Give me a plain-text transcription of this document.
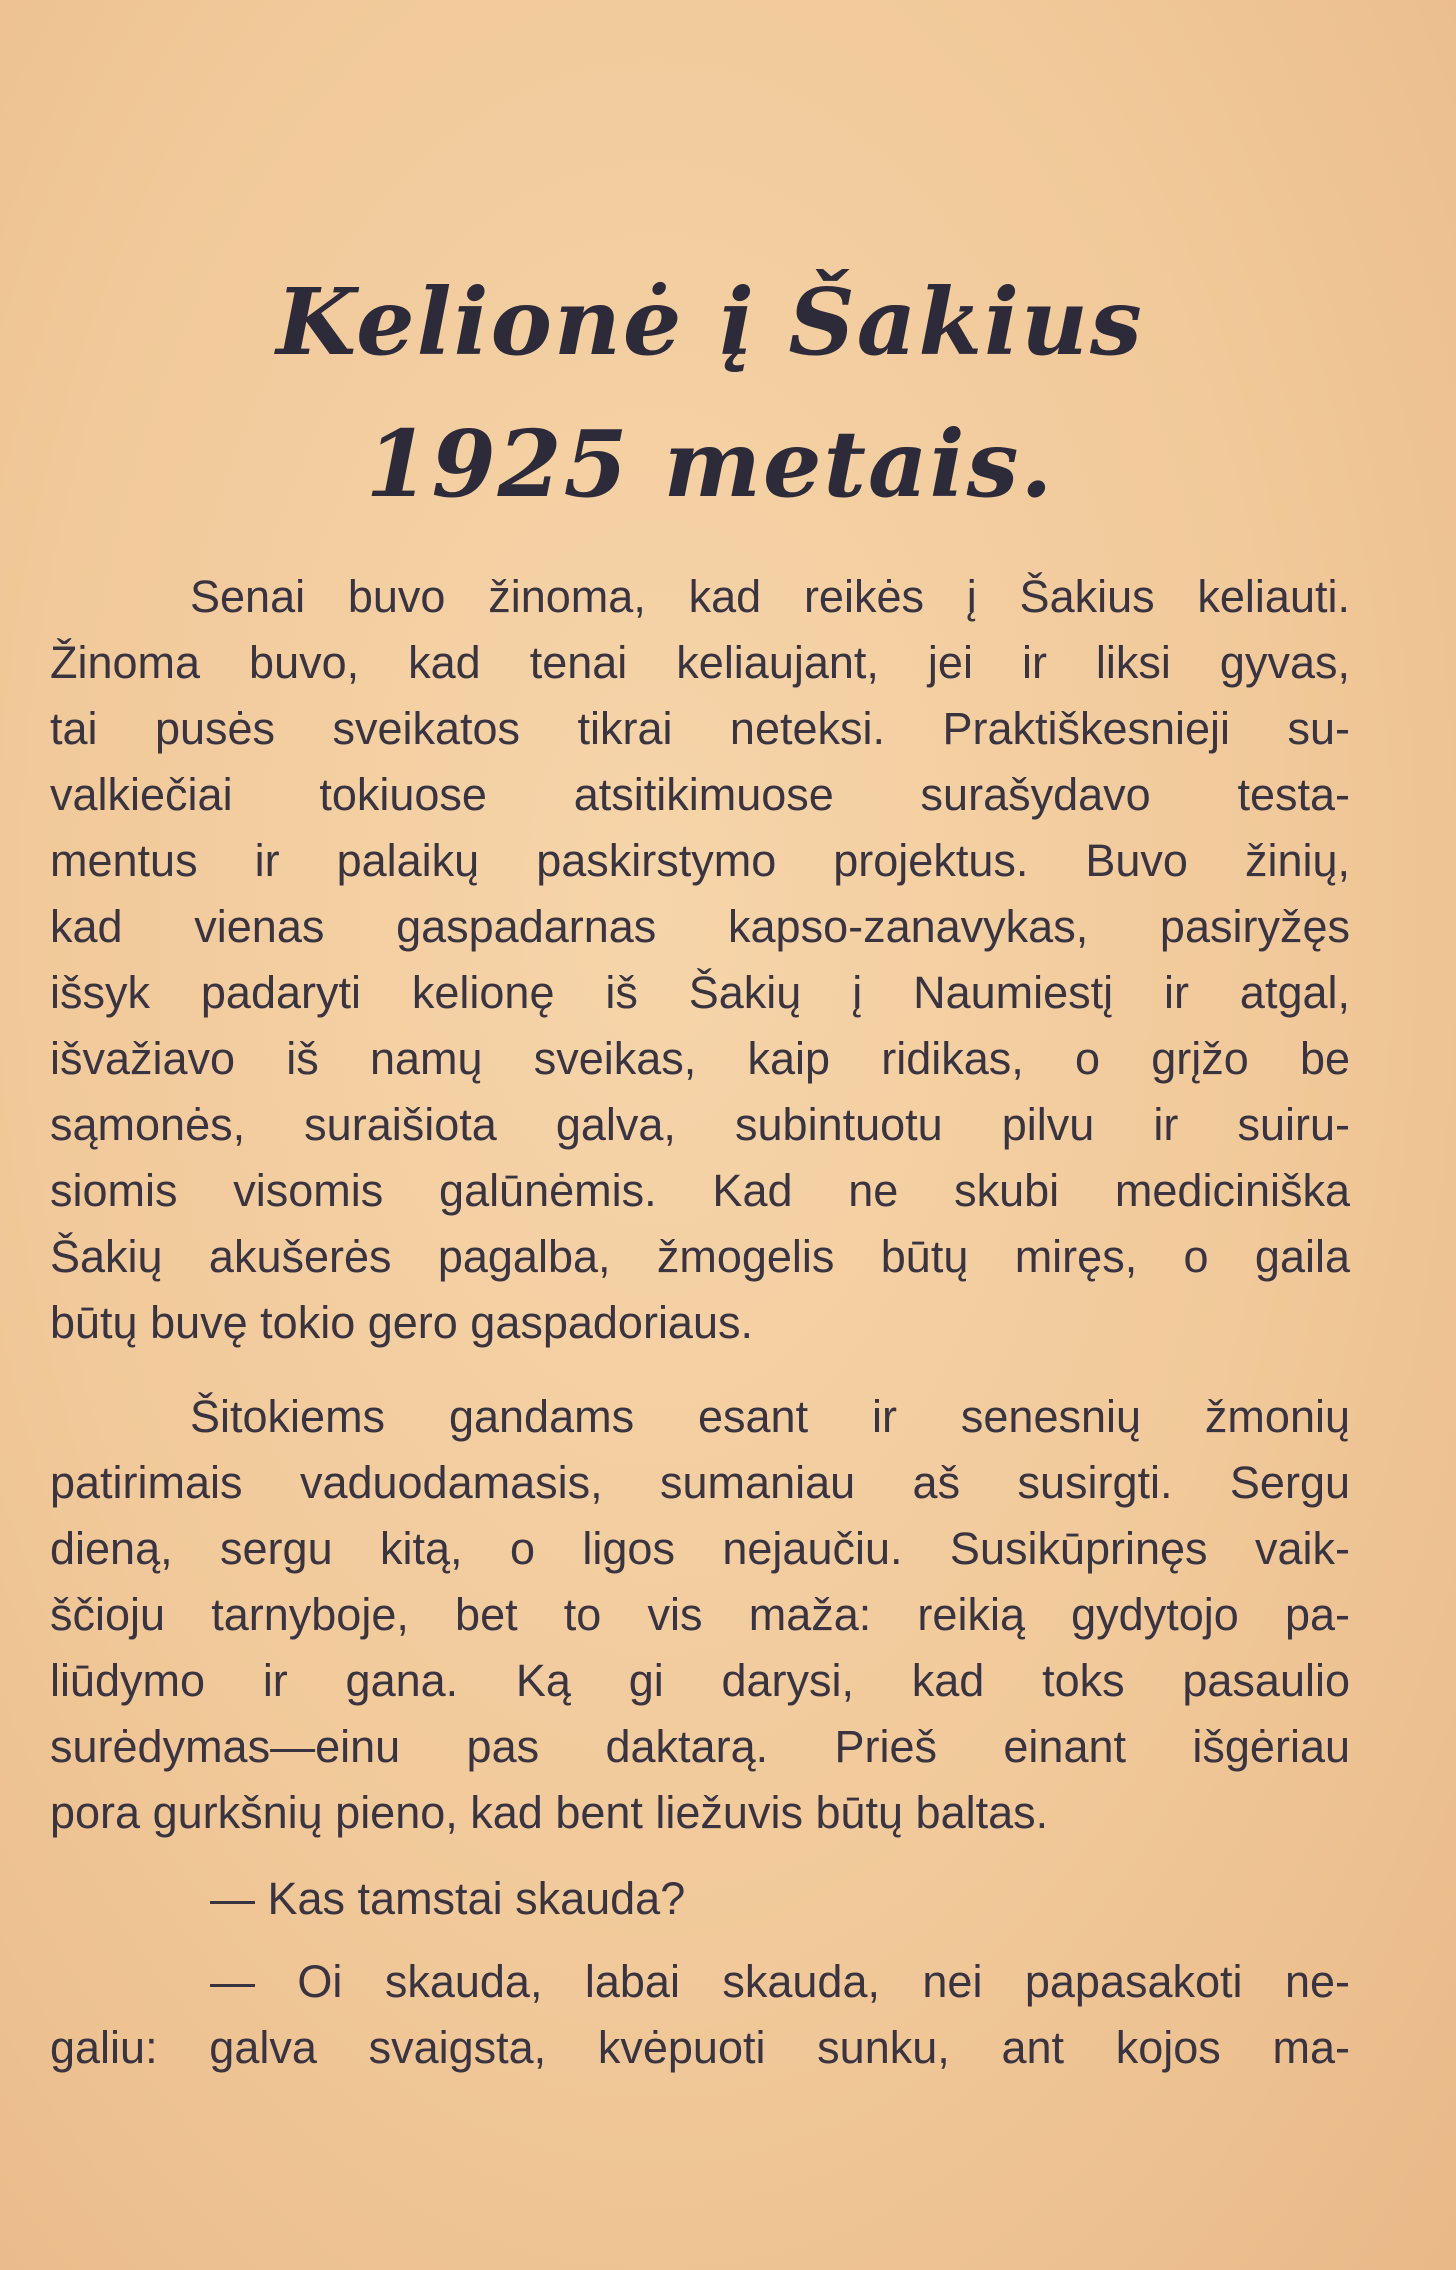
Kelionė į Šakius
1925 metais.
Senai buvo žinoma, kad reikės į Šakius keliauti.
Žinoma buvo, kad tenai keliaujant, jei ir liksi gyvas,
tai pusės sveikatos tikrai neteksi. Praktiškesnieji su-
valkiečiai tokiuose atsitikimuose surašydavo testa-
mentus ir palaikų paskirstymo projektus. Buvo žinių,
kad vienas gaspadarnas kapso-zanavykas, pasiryžęs
išsyk padaryti kelionę iš Šakių į Naumiestį ir atgal,
išvažiavo iš namų sveikas, kaip ridikas, o grįžo be
sąmonės, suraišiota galva, subintuotu pilvu ir suiru-
siomis visomis galūnėmis. Kad ne skubi mediciniška
Šakių akušerės pagalba, žmogelis būtų miręs, o gaila
būtų buvę tokio gero gaspadoriaus.
Šitokiems gandams esant ir senesnių žmonių
patirimais vaduodamasis, sumaniau aš susirgti. Sergu
dieną, sergu kitą, o ligos nejaučiu. Susikūprinęs vaik-
ščioju tarnyboje, bet to vis maža: reikią gydytojo pa-
liūdymo ir gana. Ką gi darysi, kad toks pasaulio
surėdymas—einu pas daktarą. Prieš einant išgėriau
pora gurkšnių pieno, kad bent liežuvis būtų baltas.
— Kas tamstai skauda?
— Oi skauda, labai skauda, nei papasakoti ne-
galiu: galva svaigsta, kvėpuoti sunku, ant kojos ma-
